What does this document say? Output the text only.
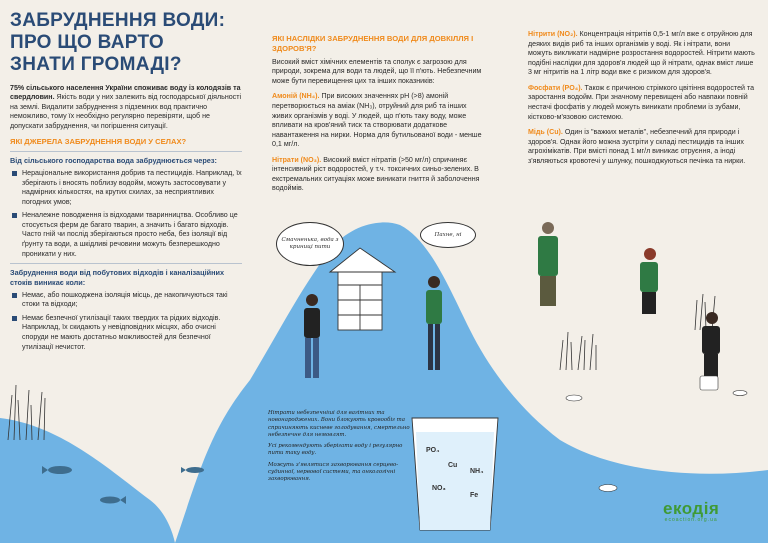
ЗАБРУДНЕННЯ ВОДИ:
ПРО ЩО ВАРТО
ЗНАТИ ГРОМАДІ?

75% сільського населення України споживає воду із колодязів та свердловин. Якість води у них залежить від господарської діяльності на землі. Видалити забруднення з підземних вод практично неможливо, тому їх необхідно регулярно перевіряти, щоб не допускати забруднення, чи погіршення ситуації.

ЯКІ ДЖЕРЕЛА ЗАБРУДНЕННЯ ВОДИ У СЕЛАХ?
Від сільського господарства вода забруднюється через:
Нераціональне використання добрив та пестицидів. Наприклад, їх зберігають і вносять поблизу водойм, можуть застосовувати у надмірних кількостях, на крутих схилах, за несприятливих погодних умов;
Неналежне поводження із відходами тваринництва. Особливо це стосується ферм де багато тварин, а значить і багато відходів. Часто гній чи послід зберігаються просто неба, без ізоляції від ґрунту та води, а шкідливі речовини можуть безперешкодно проникати у них.
Забруднення води від побутових відходів і каналізаційних стоків виникає коли:
Немає, або пошкоджена ізоляція місць, де накопичуються такі стоки та відходи;
Немає безпечної утилізації таких твердих та рідких відходів. Наприклад, їх скидають у невідповідних місцях, або очисні споруди не мають достатньо можливостей для безпечної утилізації нечистот.
ЯКІ НАСЛІДКИ ЗАБРУДНЕННЯ ВОДИ ДЛЯ ДОВКІЛЛЯ І ЗДОРОВ'Я?

Високий вміст хімічних елементів та сполук є загрозою для природи, зокрема для води та людей, що її п'ють. Небезпечним може бути перевищення цих та інших показників:

Амоній (NH₄). При високих значеннях pH (>8) амоній перетворюється на аміак (NH₃), отруйний для риб та інших живих організмів у воді. У людей, що п'ють таку воду, може впливати на кров'яний тиск та створювати додаткове навантаження на нирки. Норма для бутильованої води - менше 0,1 мг/л.

Нітрати (NO₃). Високий вміст нітратів (>50 мг/л) спричиняє інтенсивний ріст водоростей, у т.ч. токсичних синьо-зелених. В екстремальних ситуаціях може виникати гниття й заболочення водоймів.

Нітрити (NO₂). Концентрація нітритів 0,5-1 мг/л вже є отруйною для деяких видів риб та інших організмів у воді. Як і нітрати, вони можуть викликати надмірне розростання водоростей. Нітрити мають подібні наслідки для здоров'я людей що й нітрати, однак вміст лише 3 мг нітритів на 1 літр води вже є ризиком для здоров'я.

Фосфати (PO₄). Також є причиною стрімкого цвітіння водоростей та заростання водойм. При значному перевищені або навпаки повній нестачі фосфатів у людей можуть виникати проблеми із зубами, кістково-м'язовою системою.

Мідь (Cu). Один із "важких металів", небезпечний для природи і здоров'я. Однак його можна зустріти у складі пестицидів та інших агрохімікатів. При вмісті понад 1 мг/л виникає отруєння, а іноді з'являються кровотечі у шлунку, пошкоджуються печінка та нирки.

Смачненька, вода з криниці пити
Пахне, ні

Нітрати небезпечніші для вагітних та новонароджених. Вони блокують кровообіг та спричиняють кисневе голодування, смертельно небезпечне для немовлят.

Усі рекомендують зберігати воду і регулярно пити таку воду.

Можуть з'являтися захворювання серцево-судинної, нервової системи, та онкологічні захворювання.

PO₄
Cu
NH₄
NO₃
Fe
екодія
ecoaction.org.ua
